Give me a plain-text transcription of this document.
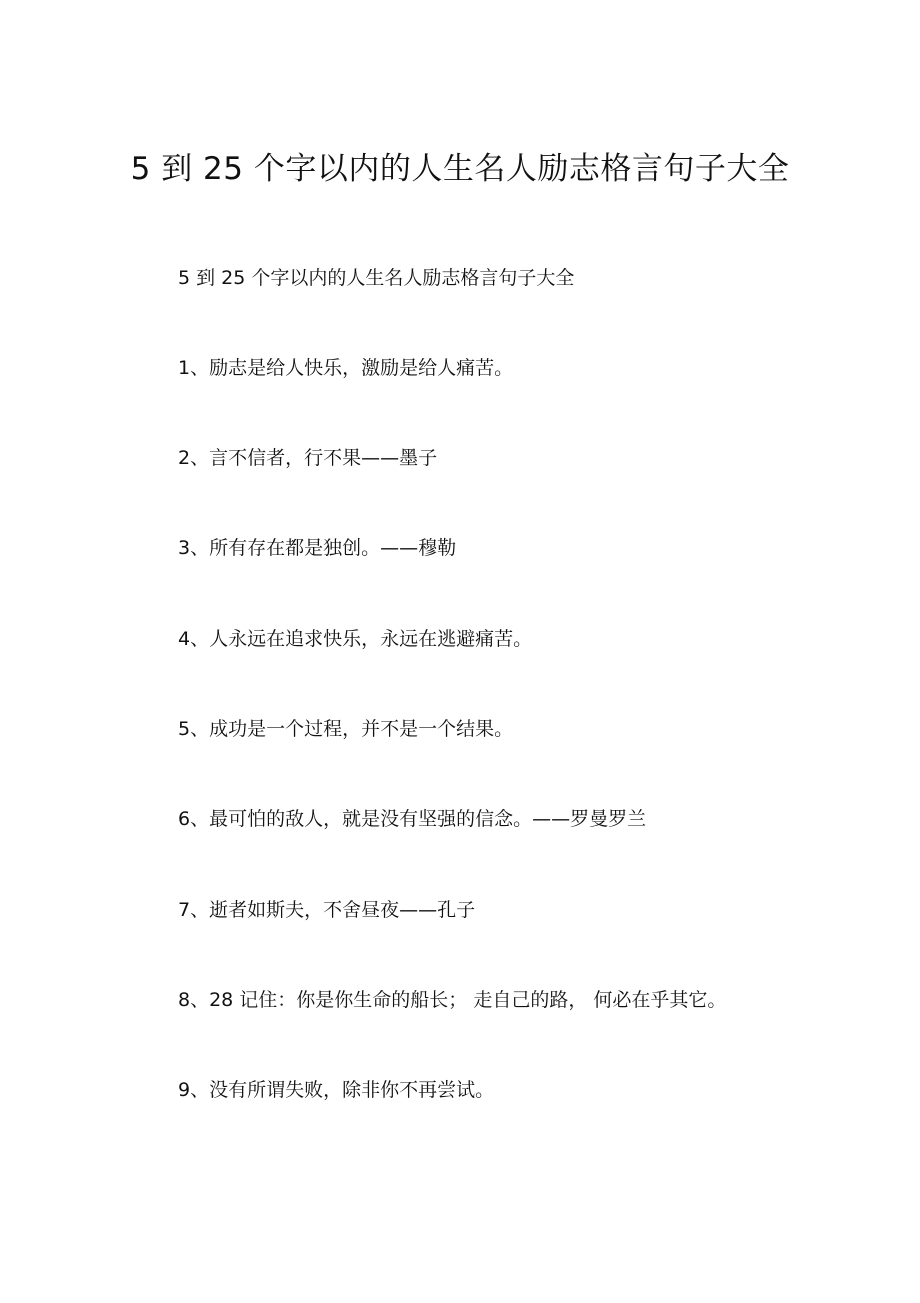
5 到 25 个字以内的人生名人励志格言句子大全

5 到 25 个字以内的人生名人励志格言句子大全

1、励志是给人快乐，激励是给人痛苦。

2、言不信者，行不果——墨子

3、所有存在都是独创。——穆勒

4、人永远在追求快乐，永远在逃避痛苦。

5、成功是一个过程，并不是一个结果。

6、最可怕的敌人，就是没有坚强的信念。——罗曼罗兰

7、逝者如斯夫，不舍昼夜——孔子

8、28 记住：你是你生命的船长； 走自己的路， 何必在乎其它。

9、没有所谓失败，除非你不再尝试。
